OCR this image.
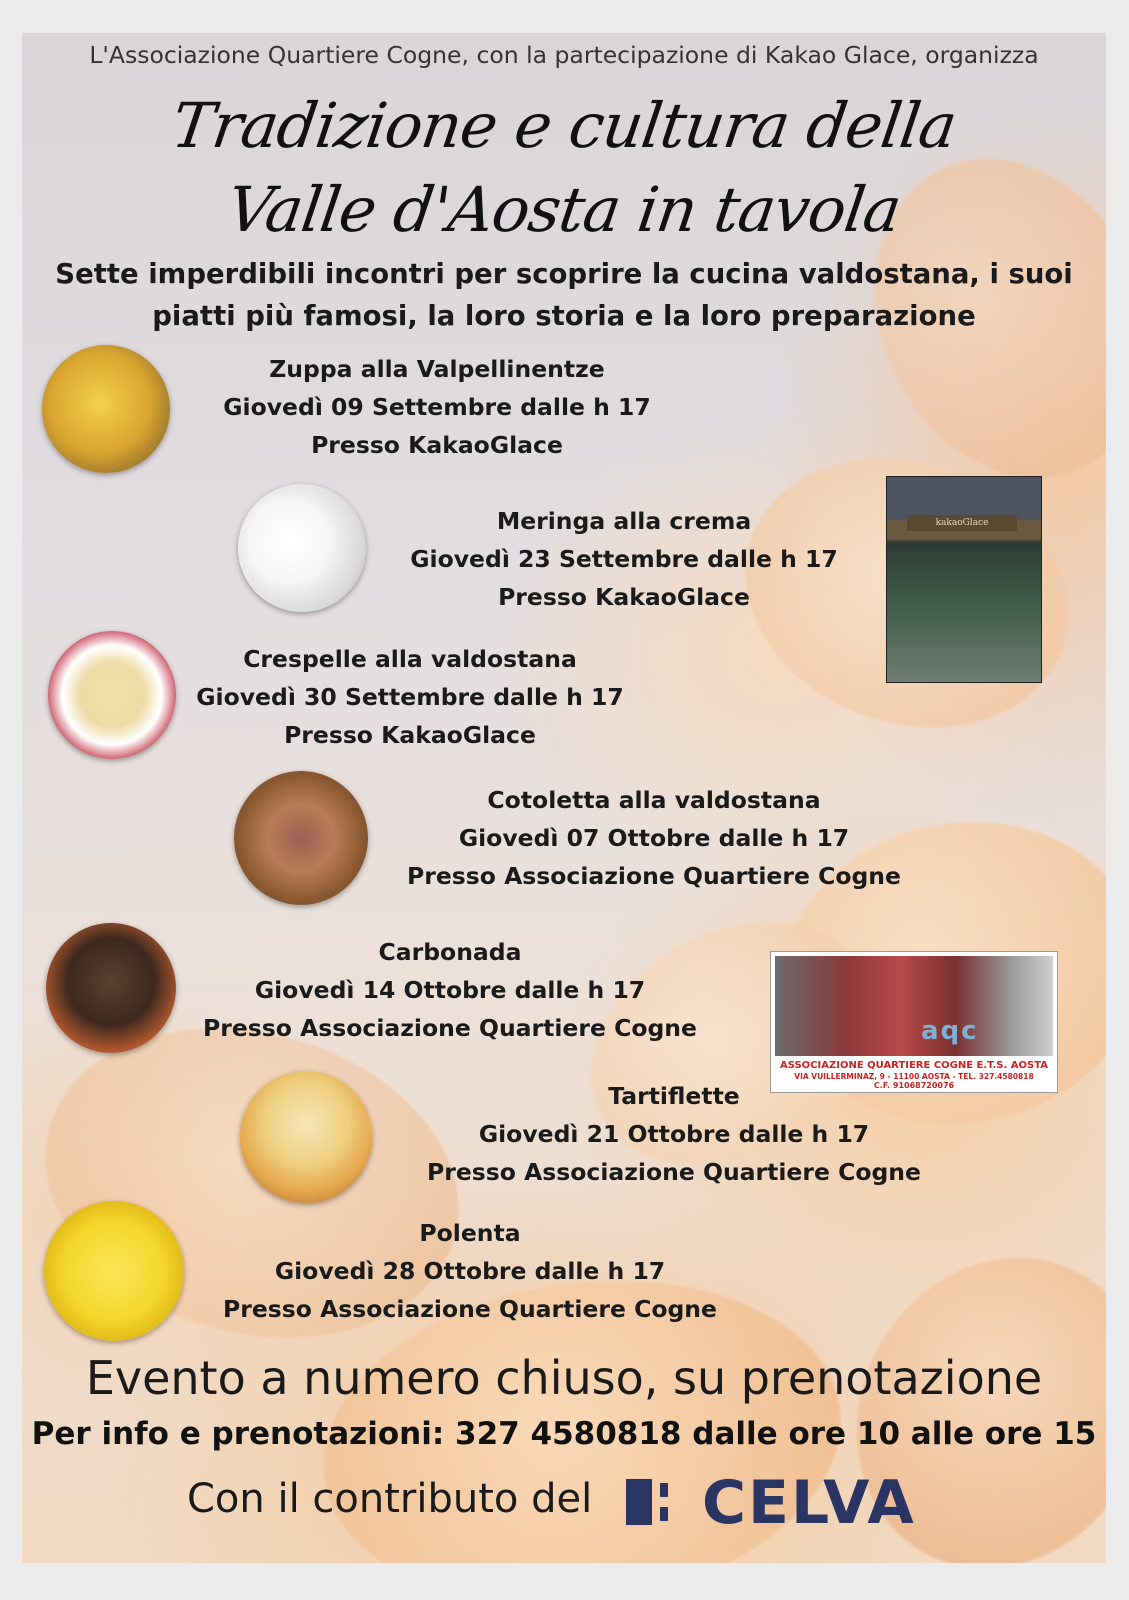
L'Associazione Quartiere Cogne, con la partecipazione di Kakao Glace, organizza
Tradizione e cultura della
Valle d'Aosta in tavola
Sette imperdibili incontri per scoprire la cucina valdostana, i suoi
piatti più famosi, la loro storia e la loro preparazione
Zuppa alla Valpellinentze
Giovedì 09 Settembre dalle h 17
Presso KakaoGlace
Meringa alla crema
Giovedì 23 Settembre dalle h 17
Presso KakaoGlace
kakaoGlace
Crespelle alla valdostana
Giovedì 30 Settembre dalle h 17
Presso KakaoGlace
Cotoletta alla valdostana
Giovedì 07 Ottobre dalle h 17
Presso Associazione Quartiere Cogne
Carbonada
Giovedì 14 Ottobre dalle h 17
Presso Associazione Quartiere Cogne	aqc
ASSOCIAZIONE QUARTIERE COGNE E.T.S. AOSTA
VIA VUILLERMINAZ, 9 - 11100 AOSTA - TEL. 327.4580818
C.F. 91068720076
Tartiflette
Giovedì 21 Ottobre dalle h 17
Presso Associazione Quartiere Cogne
Polenta
Giovedì 28 Ottobre dalle h 17
Presso Associazione Quartiere Cogne
Evento a numero chiuso, su prenotazione
Per info e prenotazioni: 327 4580818 dalle ore 10 alle ore 15
Con il contributo del CELVA
